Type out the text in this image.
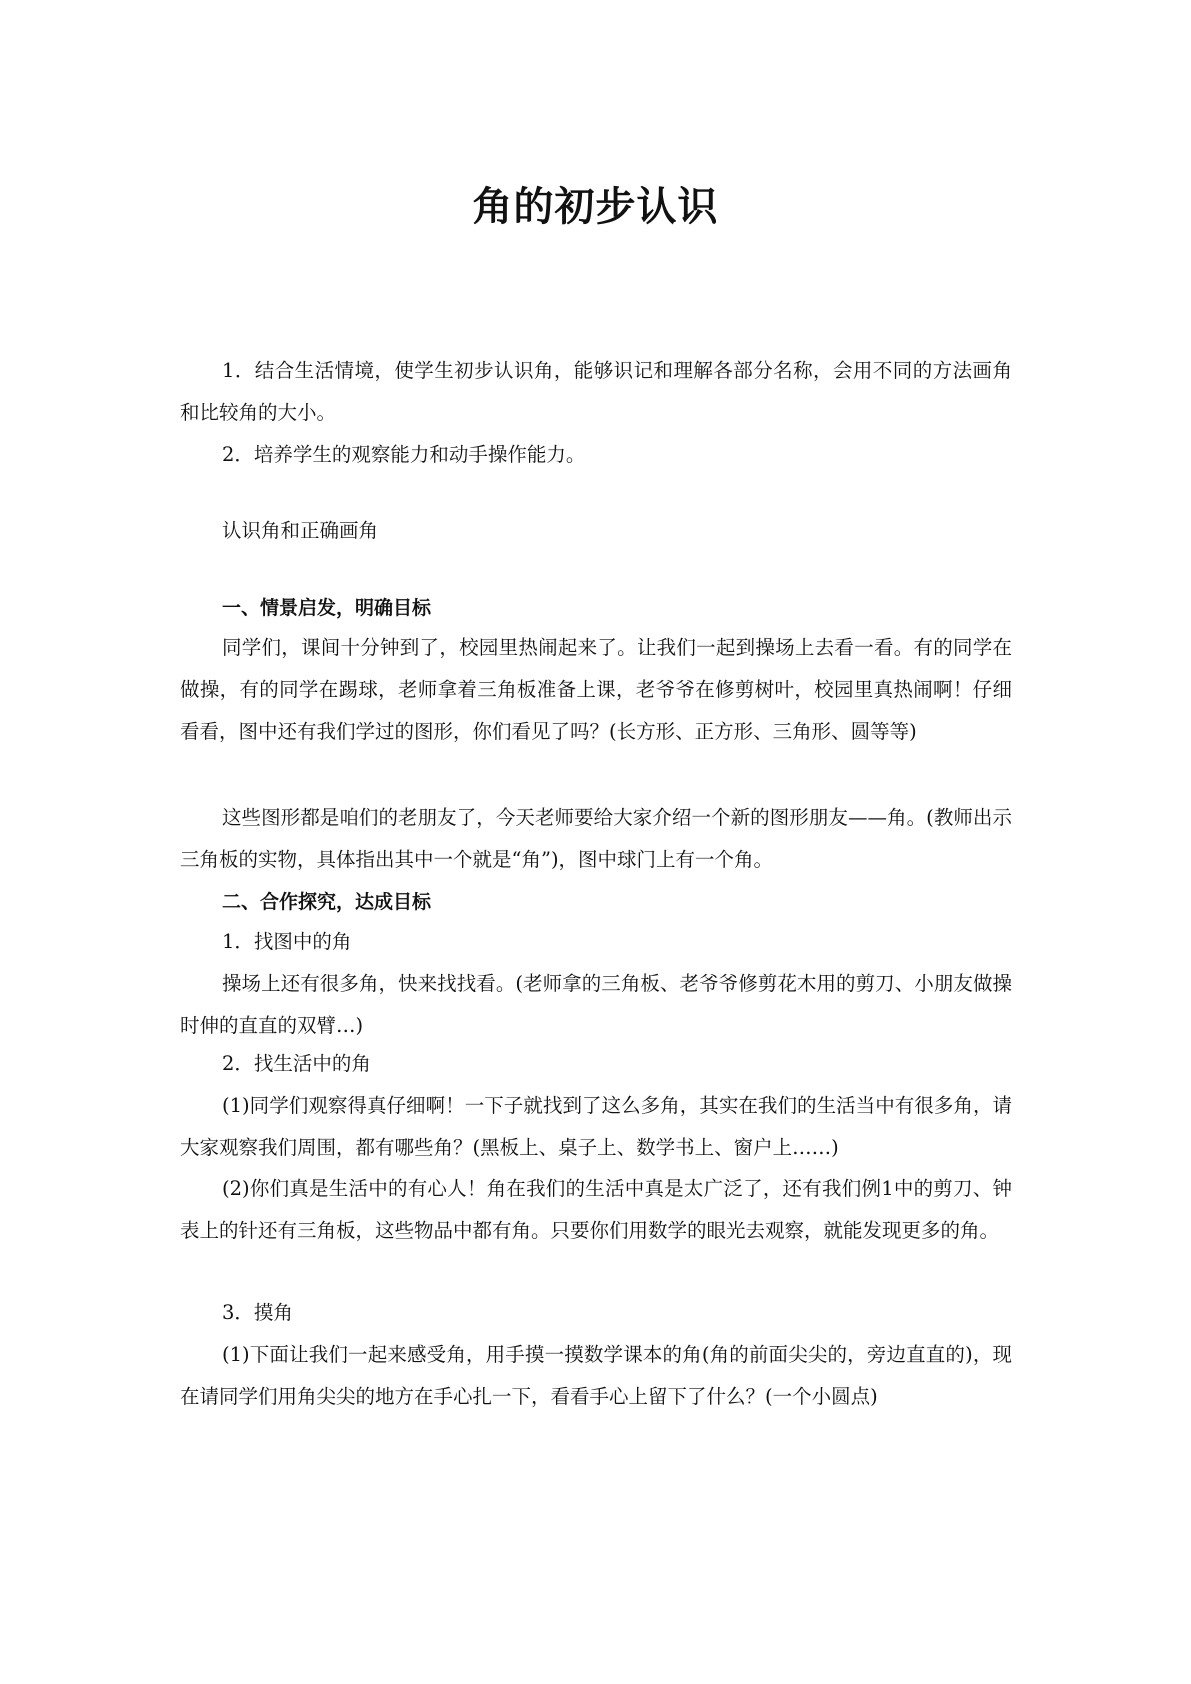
角的初步认识

1．结合生活情境，使学生初步认识角，能够识记和理解各部分名称，会用不同的方法画角和比较角的大小。

2．培养学生的观察能力和动手操作能力。

认识角和正确画角

一、情景启发，明确目标

同学们，课间十分钟到了，校园里热闹起来了。让我们一起到操场上去看一看。有的同学在做操，有的同学在踢球，老师拿着三角板准备上课，老爷爷在修剪树叶，校园里真热闹啊！仔细看看，图中还有我们学过的图形，你们看见了吗？(长方形、正方形、三角形、圆等等)

这些图形都是咱们的老朋友了，今天老师要给大家介绍一个新的图形朋友——角。(教师出示三角板的实物，具体指出其中一个就是“角”)，图中球门上有一个角。

二、合作探究，达成目标

1．找图中的角

操场上还有很多角，快来找找看。(老师拿的三角板、老爷爷修剪花木用的剪刀、小朋友做操时伸的直直的双臂…)

2．找生活中的角

(1)同学们观察得真仔细啊！一下子就找到了这么多角，其实在我们的生活当中有很多角，请大家观察我们周围，都有哪些角？(黑板上、桌子上、数学书上、窗户上……)

(2)你们真是生活中的有心人！角在我们的生活中真是太广泛了，还有我们例1中的剪刀、钟表上的针还有三角板，这些物品中都有角。只要你们用数学的眼光去观察，就能发现更多的角。

3．摸角

(1)下面让我们一起来感受角，用手摸一摸数学课本的角(角的前面尖尖的，旁边直直的)，现在请同学们用角尖尖的地方在手心扎一下，看看手心上留下了什么？(一个小圆点)
